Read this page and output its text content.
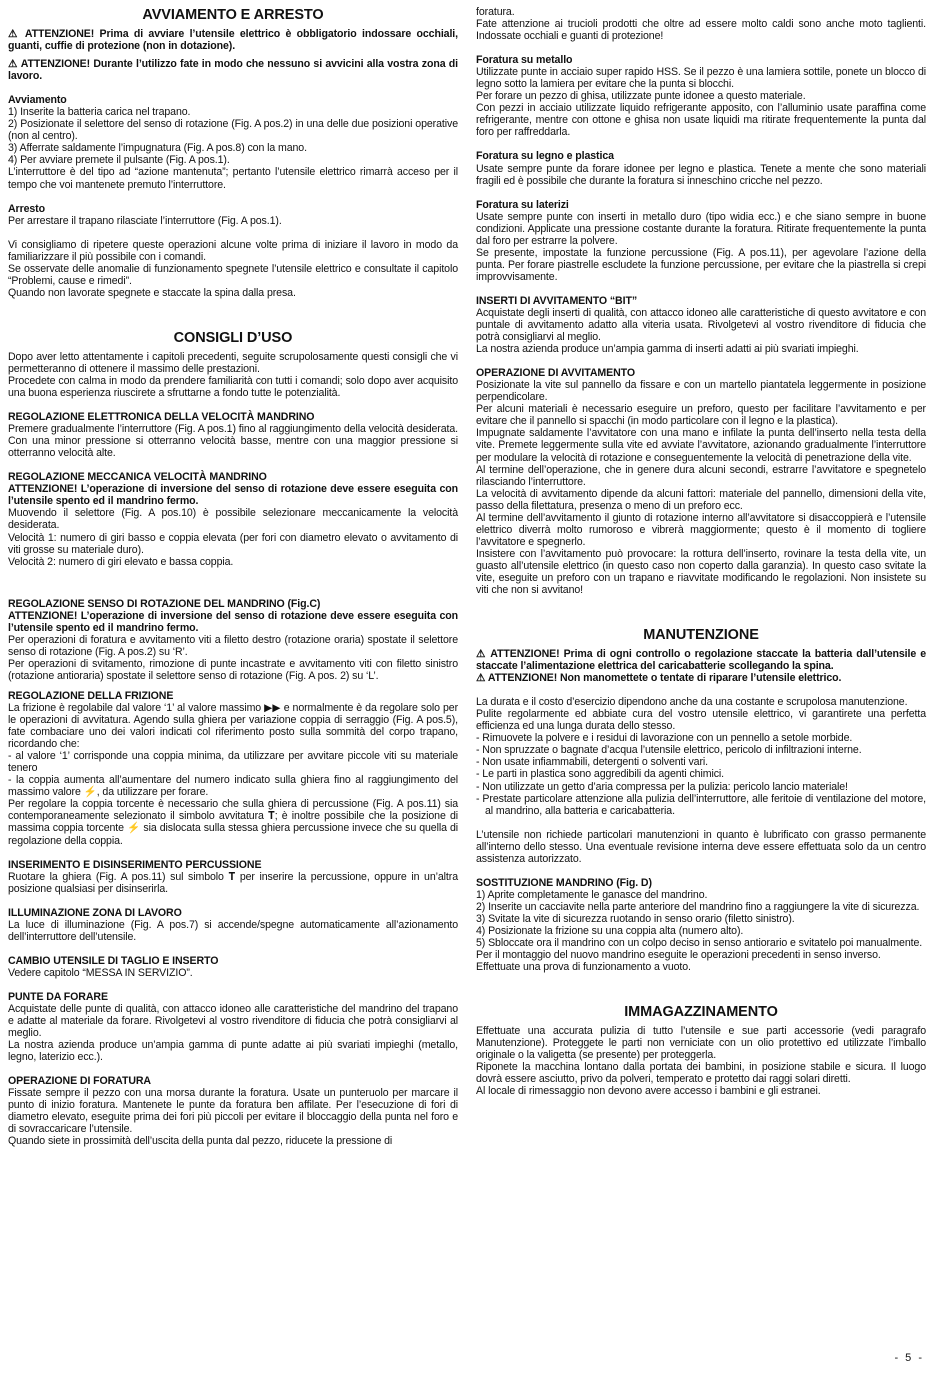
AVVIAMENTO E ARRESTO

⚠ ATTENZIONE! Prima di avviare l’utensile elettrico è obbligatorio indossare occhiali, guanti, cuffie di protezione (non in dotazione).

⚠ ATTENZIONE! Durante l’utilizzo fate in modo che nessuno si avvicini alla vostra zona di lavoro.

Avviamento

1) Inserite la batteria carica nel trapano.

2) Posizionate il selettore del senso di rotazione (Fig. A pos.2) in una delle due posizioni operative (non al centro).

3) Afferrate saldamente l’impugnatura (Fig. A pos.8) con la mano.

4) Per avviare premete il pulsante (Fig. A pos.1).

L’interruttore è del tipo ad “azione mantenuta”; pertanto l’utensile elettrico rimarrà acceso per il tempo che voi mantenete premuto l’interruttore.

Arresto

Per arrestare il trapano rilasciate l’interruttore (Fig. A pos.1).

Vi consigliamo di ripetere queste operazioni alcune volte prima di iniziare il lavoro in modo da familiarizzare il più possibile con i comandi.

Se osservate delle anomalie di funzionamento spegnete l’utensile elettrico e consultate il capitolo “Problemi, cause e rimedi”.

Quando non lavorate spegnete e staccate la spina dalla presa.

CONSIGLI D’USO

Dopo aver letto attentamente i capitoli precedenti, seguite scrupolosamente questi consigli che vi permetteranno di ottenere il massimo delle prestazioni.

Procedete con calma in modo da prendere familiarità con tutti i comandi; solo dopo aver acquisito una buona esperienza riuscirete a sfruttarne a fondo tutte le potenzialità.

REGOLAZIONE ELETTRONICA DELLA VELOCITÀ MANDRINO

Premere gradualmente l’interruttore (Fig. A pos.1) fino al raggiungimento della velocità desiderata. Con una minor pressione si otterranno velocità basse, mentre con una maggior pressione si otterranno velocità alte.

REGOLAZIONE MECCANICA VELOCITÀ MANDRINO

ATTENZIONE! L’operazione di inversione del senso di rotazione deve essere eseguita con l’utensile spento ed il mandrino fermo.

Muovendo il selettore (Fig. A pos.10) è possibile selezionare meccanicamente la velocità desiderata.

Velocità 1: numero di giri basso e coppia elevata (per fori con diametro elevato o avvitamento di viti grosse su materiale duro).

Velocità 2: numero di giri elevato e bassa coppia.

REGOLAZIONE SENSO DI ROTAZIONE DEL MANDRINO (Fig.C)

ATTENZIONE! L’operazione di inversione del senso di rotazione deve essere eseguita con l’utensile spento ed il mandrino fermo.

Per operazioni di foratura e avvitamento viti a filetto destro (rotazione oraria) spostate il selettore senso di rotazione (Fig. A pos.2) su ‘R’.

Per operazioni di svitamento, rimozione di punte incastrate e avvitamento viti con filetto sinistro (rotazione antioraria) spostate il selettore senso di rotazione (Fig. A pos. 2) su ‘L’.

REGOLAZIONE DELLA FRIZIONE

La frizione è regolabile dal valore ‘1’ al valore massimo ▶▶ e normalmente è da regolare solo per le operazioni di avvitatura. Agendo sulla ghiera per variazione coppia di serraggio (Fig. A pos.5), fate combaciare uno dei valori indicati col riferimento posto sulla sommità del corpo trapano, ricordando che:

- al valore ‘1’ corrisponde una coppia minima, da utilizzare per avvitare piccole viti su materiale tenero

- la coppia aumenta all’aumentare del numero indicato sulla ghiera fino al raggiungimento del massimo valore ⚡, da utilizzare per forare.

Per regolare la coppia torcente è necessario che sulla ghiera di percussione (Fig. A pos.11) sia contemporaneamente selezionato il simbolo avvitatura 𝐓; è inoltre possibile che la posizione di massima coppia torcente ⚡ sia dislocata sulla stessa ghiera percussione invece che su quella di regolazione della coppia.

INSERIMENTO E DISINSERIMENTO PERCUSSIONE

Ruotare la ghiera (Fig. A pos.11) sul simbolo 𝐓 per inserire la percussione, oppure in un’altra posizione qualsiasi per disinserirla.

ILLUMINAZIONE ZONA DI LAVORO

La luce di illuminazione (Fig. A pos.7) si accende/spegne automaticamente all’azionamento dell’interruttore dell’utensile.

CAMBIO UTENSILE DI TAGLIO E INSERTO

Vedere capitolo “MESSA IN SERVIZIO”.

PUNTE DA FORARE

Acquistate delle punte di qualità, con attacco idoneo alle caratteristiche del mandrino del trapano e adatte al materiale da forare. Rivolgetevi al vostro rivenditore di fiducia che potrà consigliarvi al meglio.

La nostra azienda produce un’ampia gamma di punte adatte ai più svariati impieghi (metallo, legno, laterizio ecc.).

OPERAZIONE DI FORATURA

Fissate sempre il pezzo con una morsa durante la foratura. Usate un punteruolo per marcare il punto di inizio foratura. Mantenete le punte da foratura ben affilate. Per l’esecuzione di fori di diametro elevato, eseguite prima dei fori più piccoli per evitare il bloccaggio della punta nel foro e di sovraccaricare l’utensile.

Quando siete in prossimità dell’uscita della punta dal pezzo, riducete la pressione di

foratura.

Fate attenzione ai trucioli prodotti che oltre ad essere molto caldi sono anche moto taglienti. Indossate occhiali e guanti di protezione!

Foratura su metallo

Utilizzate punte in acciaio super rapido HSS. Se il pezzo è una lamiera sottile, ponete un blocco di legno sotto la lamiera per evitare che la punta si blocchi.

Per forare un pezzo di ghisa, utilizzate punte idonee a questo materiale.

Con pezzi in acciaio utilizzate liquido refrigerante apposito, con l’alluminio usate paraffina come refrigerante, mentre con ottone e ghisa non usate liquidi ma ritirate frequentemente la punta dal foro per raffreddarla.

Foratura su legno e plastica

Usate sempre punte da forare idonee per legno e plastica. Tenete a mente che sono materiali fragili ed è possibile che durante la foratura si inneschino cricche nel pezzo.

Foratura su laterizi

Usate sempre punte con inserti in metallo duro (tipo widia ecc.) e che siano sempre in buone condizioni. Applicate una pressione costante durante la foratura. Ritirate frequentemente la punta dal foro per estrarre la polvere.

Se presente, impostate la funzione percussione (Fig. A pos.11), per agevolare l’azione della punta. Per forare piastrelle escludete la funzione percussione, per evitare che la piastrella si crepi improvvisamente.

INSERTI DI AVVITAMENTO “BIT”

Acquistate degli inserti di qualità, con attacco idoneo alle caratteristiche di questo avvitatore e con puntale di avvitamento adatto alla viteria usata. Rivolgetevi al vostro rivenditore di fiducia che potrà consigliarvi al meglio.

La nostra azienda produce un’ampia gamma di inserti adatti ai più svariati impieghi.

OPERAZIONE DI AVVITAMENTO

Posizionate la vite sul pannello da fissare e con un martello piantatela leggermente in posizione perpendicolare.

Per alcuni materiali è necessario eseguire un preforo, questo per facilitare l’avvitamento e per evitare che il pannello si spacchi (in modo particolare con il legno e la plastica).

Impugnate saldamente l’avvitatore con una mano e infilate la punta dell’inserto nella testa della vite. Premete leggermente sulla vite ed avviate l’avvitatore, azionando gradualmente l’interruttore per modulare la velocità di rotazione e conseguentemente la velocità di penetrazione della vite.

Al termine dell’operazione, che in genere dura alcuni secondi, estrarre l’avvitatore e spegnetelo rilasciando l’interruttore.

La velocità di avvitamento dipende da alcuni fattori: materiale del pannello, dimensioni della vite, passo della filettatura, presenza o meno di un preforo ecc.

Al termine dell’avvitamento il giunto di rotazione interno all’avvitatore si disaccoppierà e l’utensile elettrico diverrà molto rumoroso e vibrerà maggiormente; questo è il momento di togliere l’avvitatore e spegnerlo.

Insistere con l’avvitamento può provocare: la rottura dell’inserto, rovinare la testa della vite, un guasto all’utensile elettrico (in questo caso non coperto dalla garanzia). In questo caso svitate la vite, eseguite un preforo con un trapano e riavvitate modificando le regolazioni. Non insistete su viti che non si avvitano!

MANUTENZIONE

⚠ ATTENZIONE! Prima di ogni controllo o regolazione staccate la batteria dall’utensile e staccate l’alimentazione elettrica del caricabatterie scollegando la spina.

⚠ ATTENZIONE! Non manomettete o tentate di riparare l’utensile elettrico.

La durata e il costo d’esercizio dipendono anche da una costante e scrupolosa manutenzione.

Pulite regolarmente ed abbiate cura del vostro utensile elettrico, vi garantirete una perfetta efficienza ed una lunga durata dello stesso.

- Rimuovete la polvere e i residui di lavorazione con un pennello a setole morbide.
- Non spruzzate o bagnate d’acqua l’utensile elettrico, pericolo di infiltrazioni interne.
- Non usate infiammabili, detergenti o solventi vari.
- Le parti in plastica sono aggredibili da agenti chimici.
- Non utilizzate un getto d’aria compressa per la pulizia: pericolo lancio materiale!
- Prestate particolare attenzione alla pulizia dell’interruttore, alle feritoie di ventilazione del motore, al mandrino, alla batteria e caricabatteria.

L’utensile non richiede particolari manutenzioni in quanto è lubrificato con grasso permanente all’interno dello stesso. Una eventuale revisione interna deve essere effettuata solo da un centro assistenza autorizzato.

SOSTITUZIONE MANDRINO (Fig. D)

1) Aprite completamente le ganasce del mandrino.
2) Inserite un cacciavite nella parte anteriore del mandrino fino a raggiungere la vite di sicurezza.
3) Svitate la vite di sicurezza ruotando in senso orario (filetto sinistro).
4) Posizionate la frizione su una coppia alta (numero alto).
5) Sbloccate ora il mandrino con un colpo deciso in senso antiorario e svitatelo poi manualmente.

Per il montaggio del nuovo mandrino eseguite le operazioni precedenti in senso inverso.

Effettuate una prova di funzionamento a vuoto.

IMMAGAZZINAMENTO

Effettuate una accurata pulizia di tutto l’utensile e sue parti accessorie (vedi paragrafo Manutenzione). Proteggete le parti non verniciate con un olio protettivo ed utilizzate l’imballo originale o la valigetta (se presente) per proteggerla.

Riponete la macchina lontano dalla portata dei bambini, in posizione stabile e sicura. Il luogo dovrà essere asciutto, privo da polveri, temperato e protetto dai raggi solari diretti.

Al locale di rimessaggio non devono avere accesso i bambini e gli estranei.

- 5 -
